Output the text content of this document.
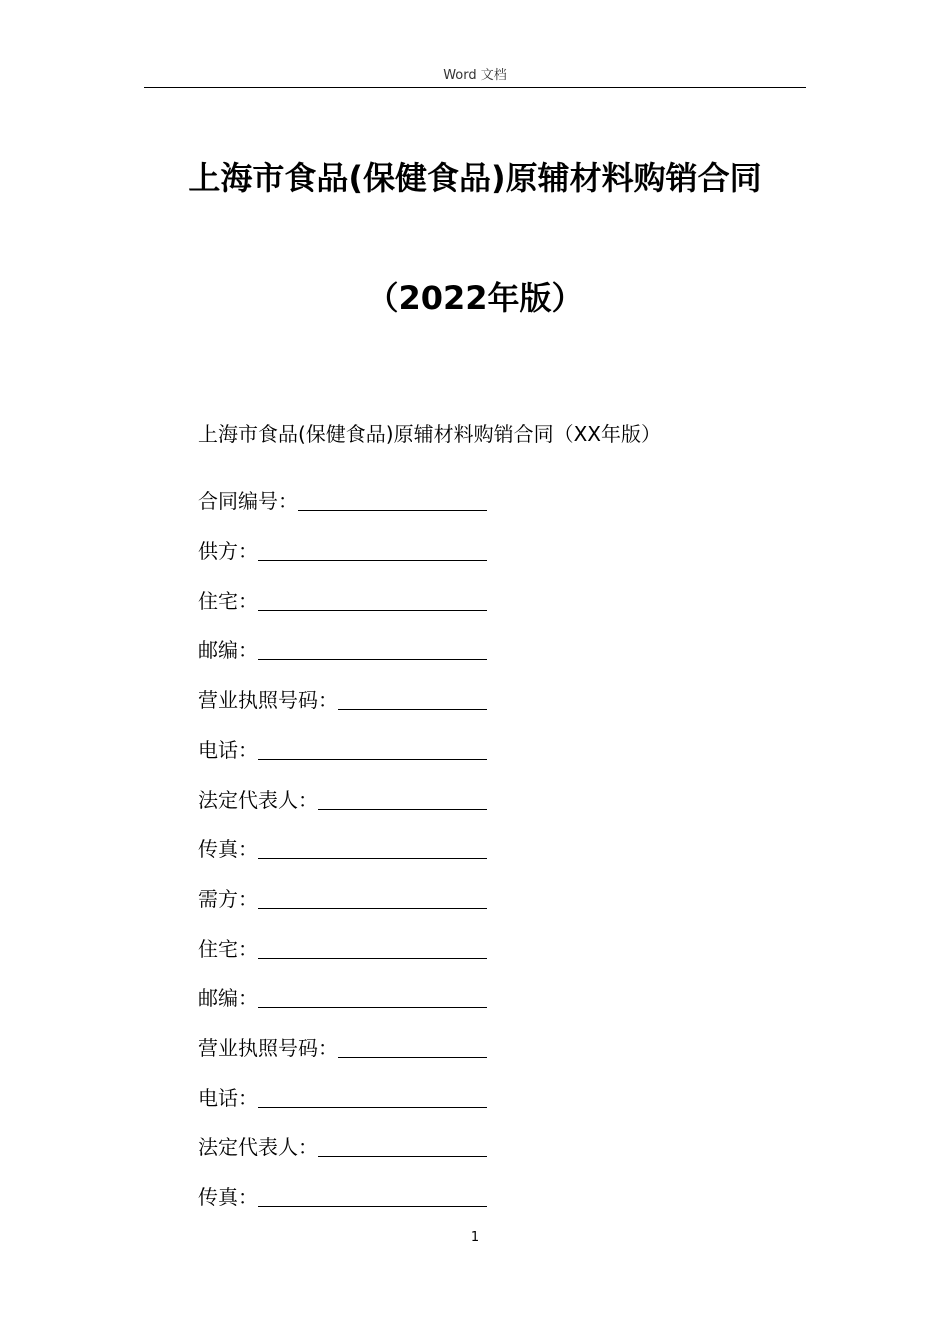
Word 文档
上海市食品(保健食品)原辅材料购销合同
（2022年版）
上海市食品(保健食品)原辅材料购销合同（XX年版）
合同编号：
供方：
住宅：
邮编：
营业执照号码：
电话：
法定代表人：
传真：
需方：
住宅：
邮编：
营业执照号码：
电话：
法定代表人：
传真：
1
